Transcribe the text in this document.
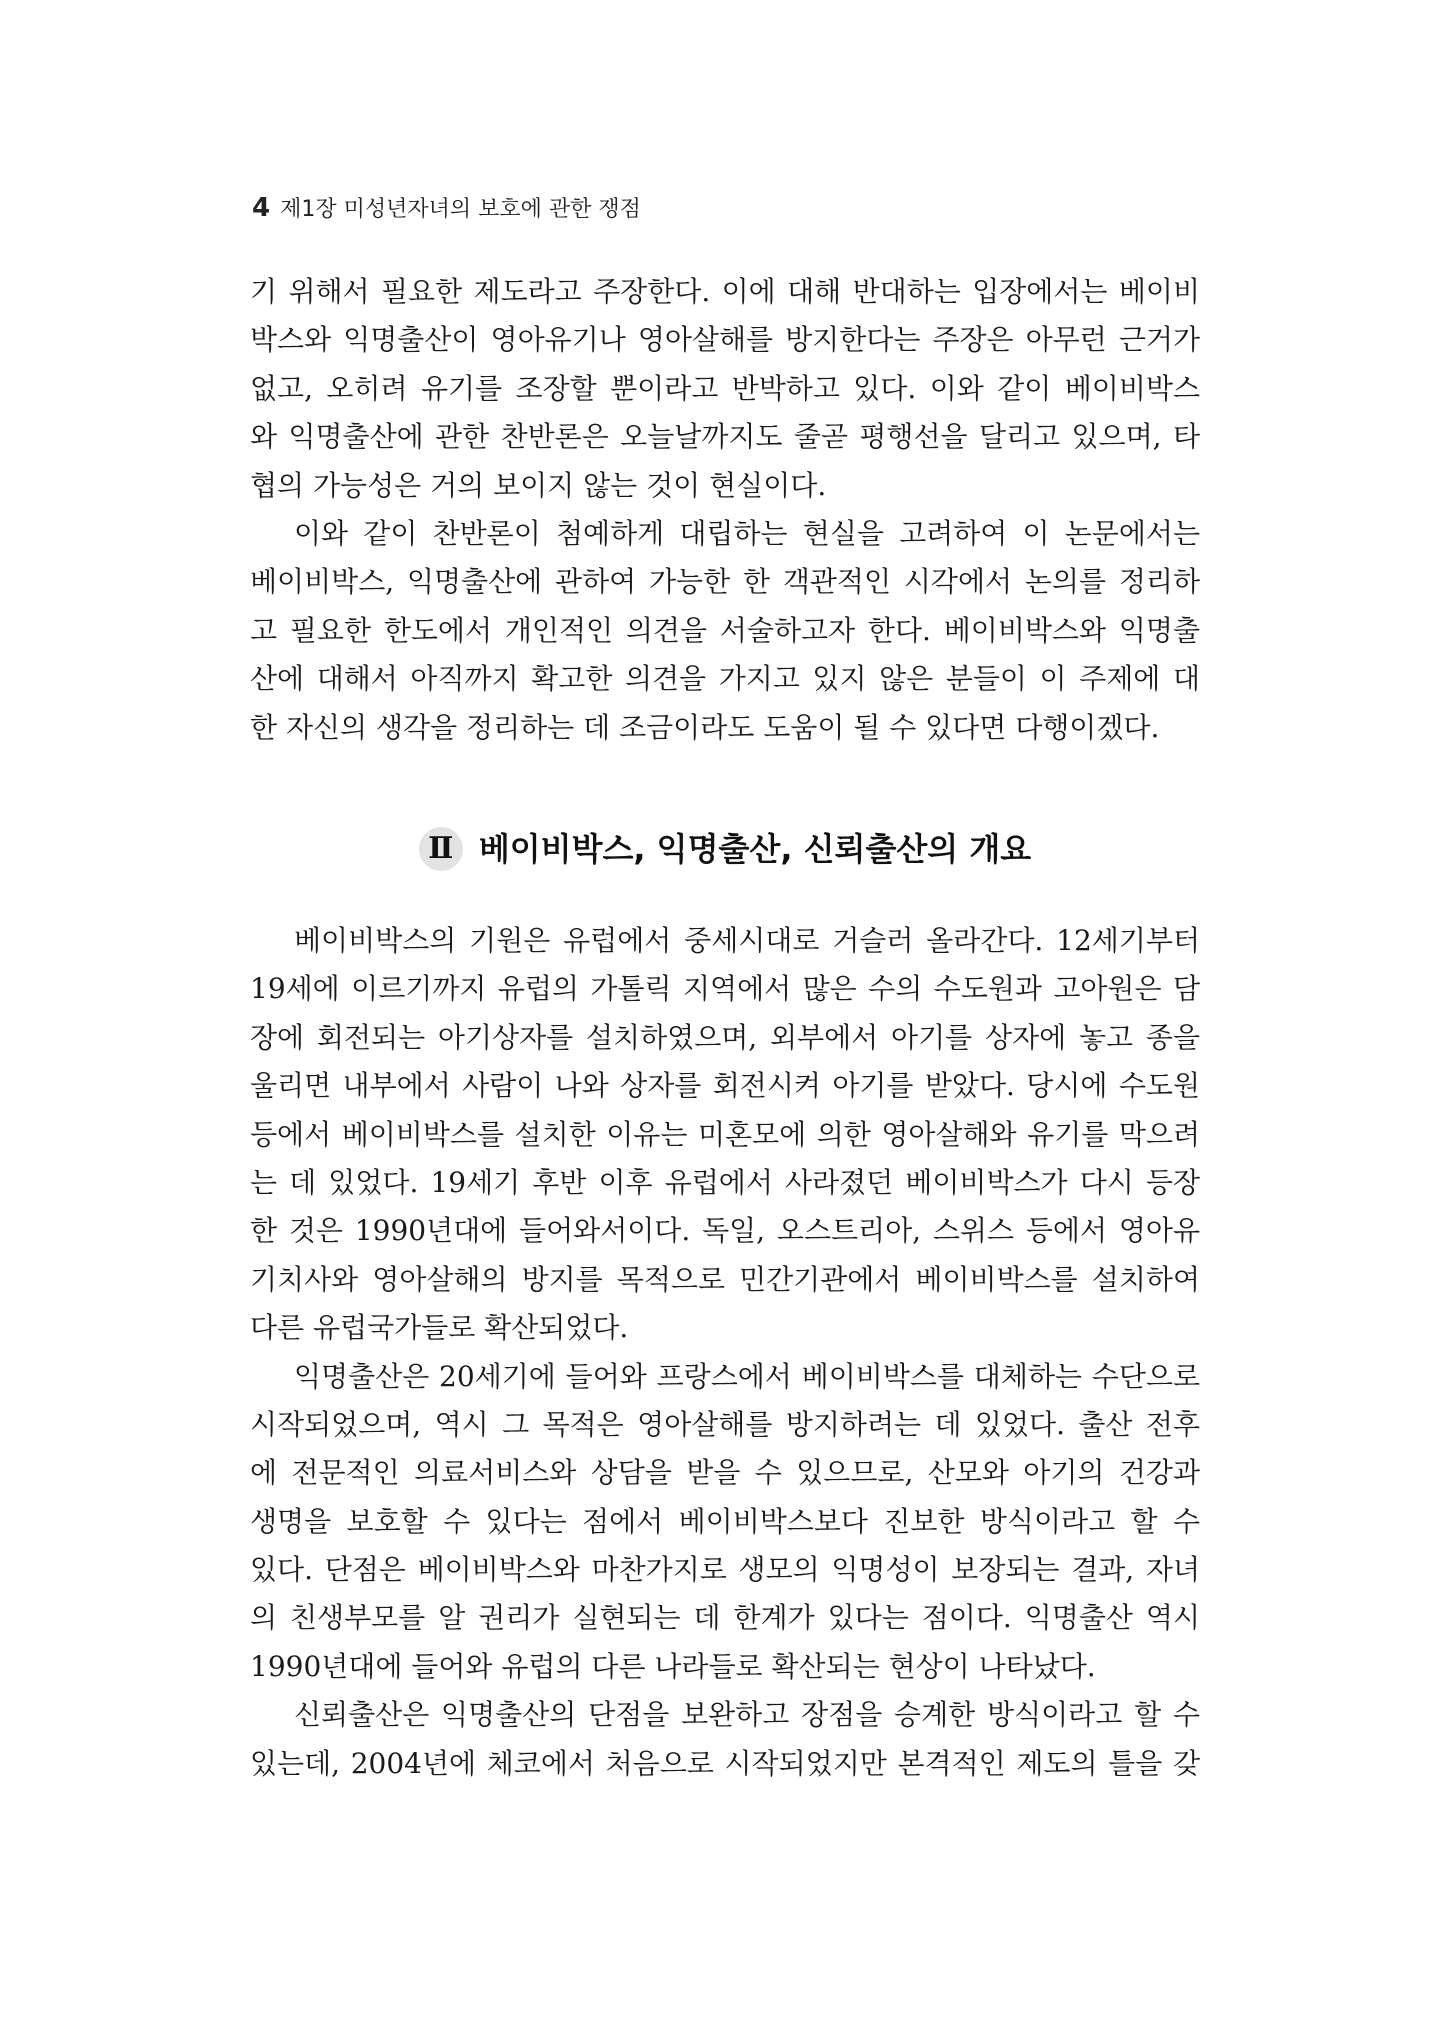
4 제1장 미성년자녀의 보호에 관한 쟁점
기 위해서 필요한 제도라고 주장한다. 이에 대해 반대하는 입장에서는 베이비
박스와 익명출산이 영아유기나 영아살해를 방지한다는 주장은 아무런 근거가
없고, 오히려 유기를 조장할 뿐이라고 반박하고 있다. 이와 같이 베이비박스
와 익명출산에 관한 찬반론은 오늘날까지도 줄곧 평행선을 달리고 있으며, 타
협의 가능성은 거의 보이지 않는 것이 현실이다.
이와 같이 찬반론이 첨예하게 대립하는 현실을 고려하여 이 논문에서는
베이비박스, 익명출산에 관하여 가능한 한 객관적인 시각에서 논의를 정리하
고 필요한 한도에서 개인적인 의견을 서술하고자 한다. 베이비박스와 익명출
산에 대해서 아직까지 확고한 의견을 가지고 있지 않은 분들이 이 주제에 대
한 자신의 생각을 정리하는 데 조금이라도 도움이 될 수 있다면 다행이겠다.
Ⅱ 베이비박스, 익명출산, 신뢰출산의 개요
베이비박스의 기원은 유럽에서 중세시대로 거슬러 올라간다. 12세기부터
19세에 이르기까지 유럽의 가톨릭 지역에서 많은 수의 수도원과 고아원은 담
장에 회전되는 아기상자를 설치하였으며, 외부에서 아기를 상자에 놓고 종을
울리면 내부에서 사람이 나와 상자를 회전시켜 아기를 받았다. 당시에 수도원
등에서 베이비박스를 설치한 이유는 미혼모에 의한 영아살해와 유기를 막으려
는 데 있었다. 19세기 후반 이후 유럽에서 사라졌던 베이비박스가 다시 등장
한 것은 1990년대에 들어와서이다. 독일, 오스트리아, 스위스 등에서 영아유
기치사와 영아살해의 방지를 목적으로 민간기관에서 베이비박스를 설치하여
다른 유럽국가들로 확산되었다.
익명출산은 20세기에 들어와 프랑스에서 베이비박스를 대체하는 수단으로
시작되었으며, 역시 그 목적은 영아살해를 방지하려는 데 있었다. 출산 전후
에 전문적인 의료서비스와 상담을 받을 수 있으므로, 산모와 아기의 건강과
생명을 보호할 수 있다는 점에서 베이비박스보다 진보한 방식이라고 할 수
있다. 단점은 베이비박스와 마찬가지로 생모의 익명성이 보장되는 결과, 자녀
의 친생부모를 알 권리가 실현되는 데 한계가 있다는 점이다. 익명출산 역시
1990년대에 들어와 유럽의 다른 나라들로 확산되는 현상이 나타났다.
신뢰출산은 익명출산의 단점을 보완하고 장점을 승계한 방식이라고 할 수
있는데, 2004년에 체코에서 처음으로 시작되었지만 본격적인 제도의 틀을 갖
